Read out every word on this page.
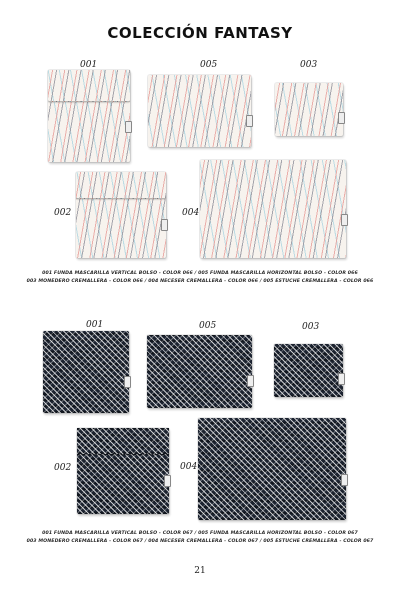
COLECCIÓN FANTASY
001	005	003
002	004
001 FUNDA MASCARILLA VERTICAL BOLSO - COLOR 066 / 005 FUNDA MASCARILLA HORIZONTAL BOLSO - COLOR 066
003 MONEDERO CREMALLERA - COLOR 066 / 004 NECESER CREMALLERA - COLOR 066 / 005 ESTUCHE CREMALLERA - COLOR 066
001	005	003
002	004
001 FUNDA MASCARILLA VERTICAL BOLSO - COLOR 067 / 005 FUNDA MASCARILLA HORIZONTAL BOLSO - COLOR 067
003 MONEDERO CREMALLERA - COLOR 067 / 004 NECESER CREMALLERA - COLOR 067 / 005 ESTUCHE CREMALLERA - COLOR 067
21
